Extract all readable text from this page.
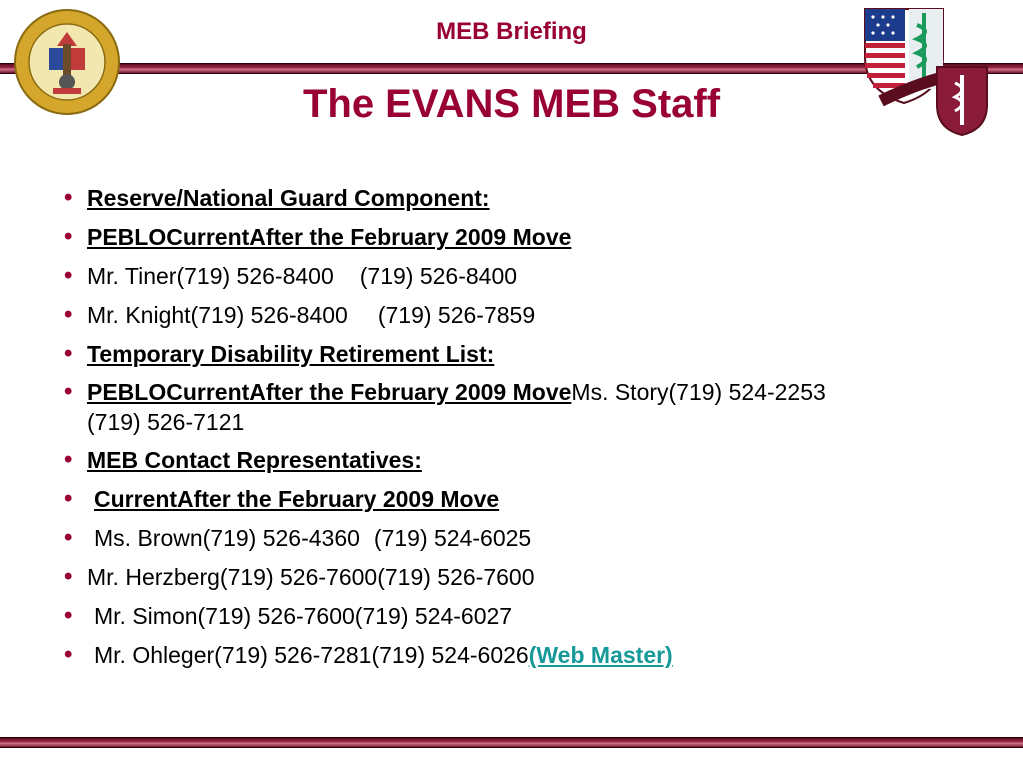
MEB Briefing
The EVANS MEB Staff
• Reserve/National Guard Component:
• PEBLOCurrentAfter the February 2009 Move
• Mr. Tiner(719) 526-8400 (719) 526-8400
• Mr. Knight(719) 526-8400 (719) 526-7859
• Temporary Disability Retirement List:
• PEBLOCurrentAfter the February 2009 MoveMs. Story(719) 524-2253(719) 526-7121
• MEB Contact Representatives:
• CurrentAfter the February 2009 Move
• Ms. Brown(719) 526-4360 (719) 524-6025
• Mr. Herzberg(719) 526-7600(719) 526-7600
• Mr. Simon(719) 526-7600(719) 524-6027
• Mr. Ohleger(719) 526-7281(719) 524-6026(Web Master)
